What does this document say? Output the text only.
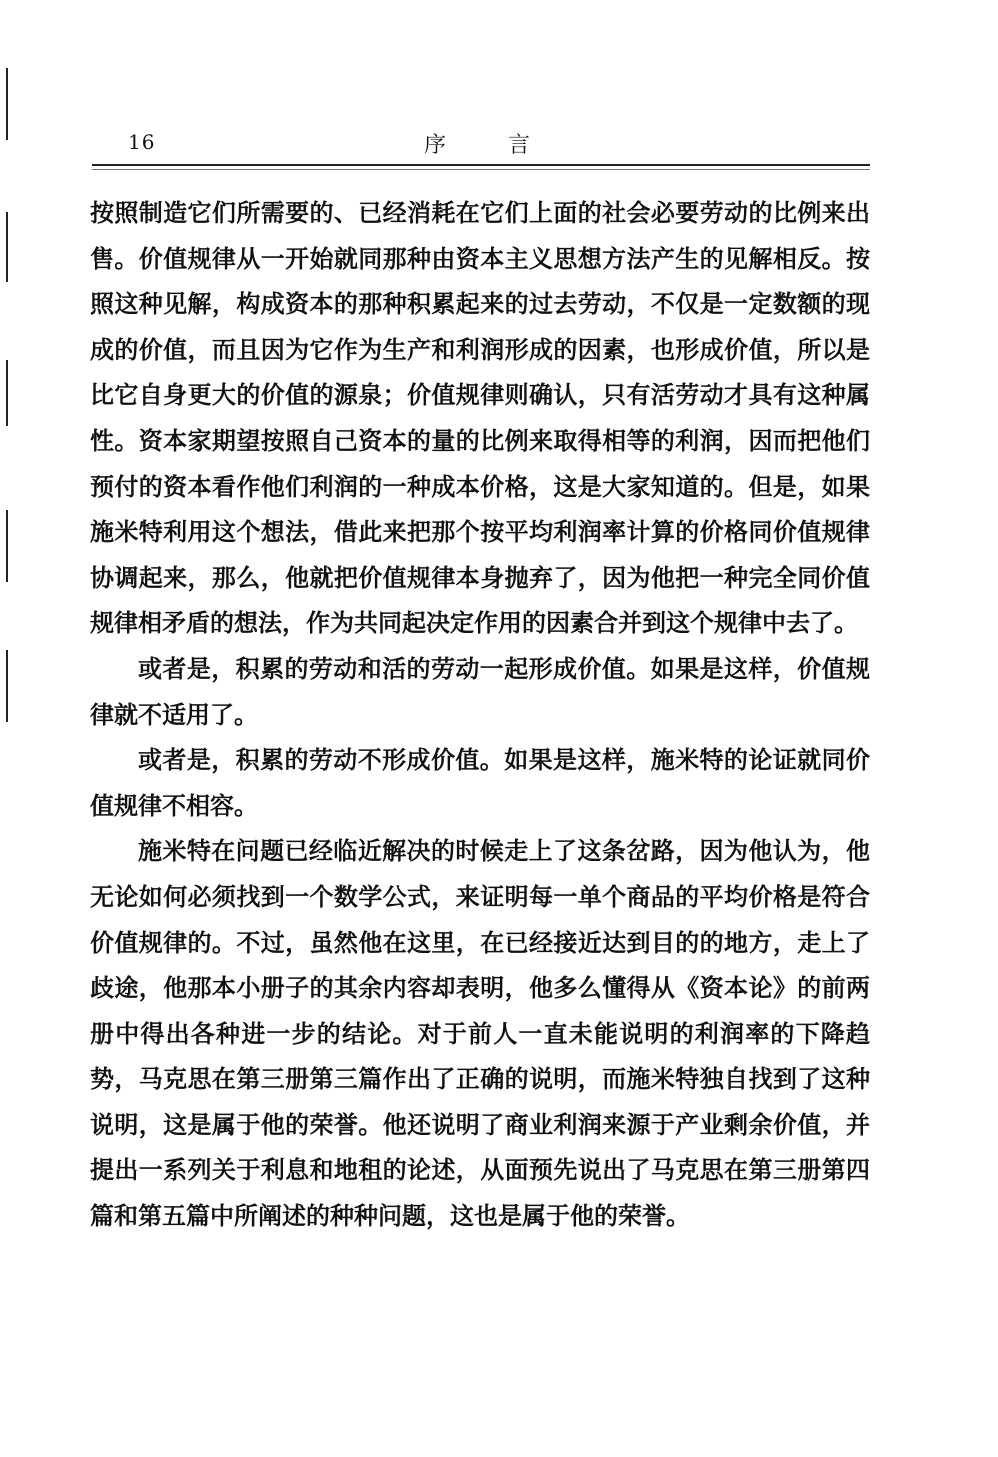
16	序言

按照制造它们所需要的、已经消耗在它们上面的社会必要劳动的比例来出售。价值规律从一开始就同那种由资本主义思想方法产生的见解相反。按照这种见解，构成资本的那种积累起来的过去劳动，不仅是一定数额的现成的价值，而且因为它作为生产和利润形成的因素，也形成价值，所以是比它自身更大的价值的源泉；价值规律则确认，只有活劳动才具有这种属性。资本家期望按照自己资本的量的比例来取得相等的利润，因而把他们预付的资本看作他们利润的一种成本价格，这是大家知道的。但是，如果施米特利用这个想法，借此来把那个按平均利润率计算的价格同价值规律协调起来，那么，他就把价值规律本身抛弃了，因为他把一种完全同价值规律相矛盾的想法，作为共同起决定作用的因素合并到这个规律中去了。

或者是，积累的劳动和活的劳动一起形成价值。如果是这样，价值规律就不适用了。

或者是，积累的劳动不形成价值。如果是这样，施米特的论证就同价值规律不相容。

施米特在问题已经临近解决的时候走上了这条岔路，因为他认为，他无论如何必须找到一个数学公式，来证明每一单个商品的平均价格是符合价值规律的。不过，虽然他在这里，在已经接近达到目的的地方，走上了歧途，他那本小册子的其余内容却表明，他多么懂得从《资本论》的前两册中得出各种进一步的结论。对于前人一直未能说明的利润率的下降趋势，马克思在第三册第三篇作出了正确的说明，而施米特独自找到了这种说明，这是属于他的荣誉。他还说明了商业利润来源于产业剩余价值，并提出一系列关于利息和地租的论述，从面预先说出了马克思在第三册第四篇和第五篇中所阐述的种种问题，这也是属于他的荣誉。
